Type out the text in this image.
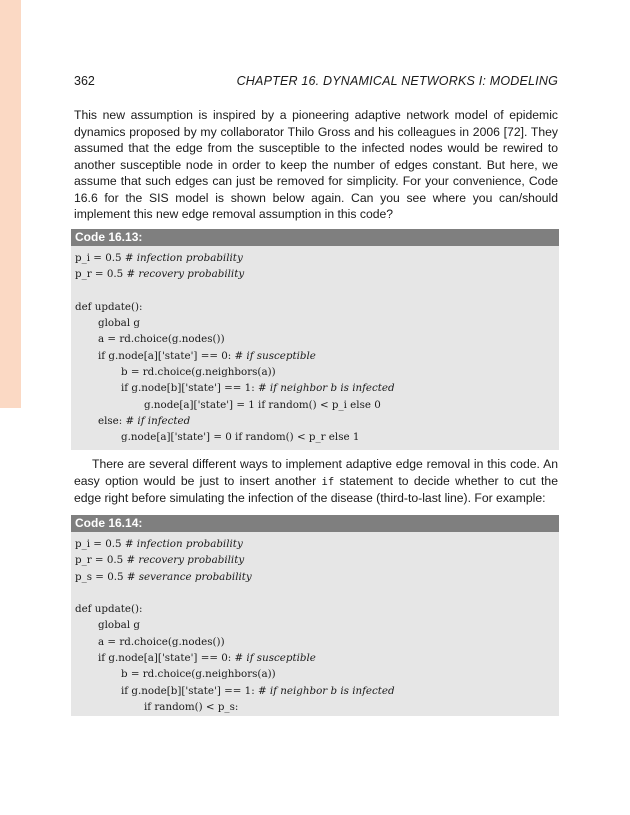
362	CHAPTER 16. DYNAMICAL NETWORKS I: MODELING

This new assumption is inspired by a pioneering adaptive network model of epidemic dynamics proposed by my collaborator Thilo Gross and his colleagues in 2006 [72]. They assumed that the edge from the susceptible to the infected nodes would be rewired to another susceptible node in order to keep the number of edges constant. But here, we assume that such edges can just be removed for simplicity. For your convenience, Code 16.6 for the SIS model is shown below again. Can you see where you can/should implement this new edge removal assumption in this code?

Code 16.13:
p_i = 0.5 # infection probability
p_r = 0.5 # recovery probability
def update():
global g
a = rd.choice(g.nodes())
if g.node[a]['state'] == 0: # if susceptible
b = rd.choice(g.neighbors(a))
if g.node[b]['state'] == 1: # if neighbor b is infected
g.node[a]['state'] = 1 if random() < p_i else 0
else: # if infected
g.node[a]['state'] = 0 if random() < p_r else 1

There are several different ways to implement adaptive edge removal in this code. An easy option would be just to insert another if statement to decide whether to cut the edge right before simulating the infection of the disease (third-to-last line). For example:

Code 16.14:
p_i = 0.5 # infection probability
p_r = 0.5 # recovery probability
p_s = 0.5 # severance probability
def update():
global g
a = rd.choice(g.nodes())
if g.node[a]['state'] == 0: # if susceptible
b = rd.choice(g.neighbors(a))
if g.node[b]['state'] == 1: # if neighbor b is infected
if random() < p_s:
